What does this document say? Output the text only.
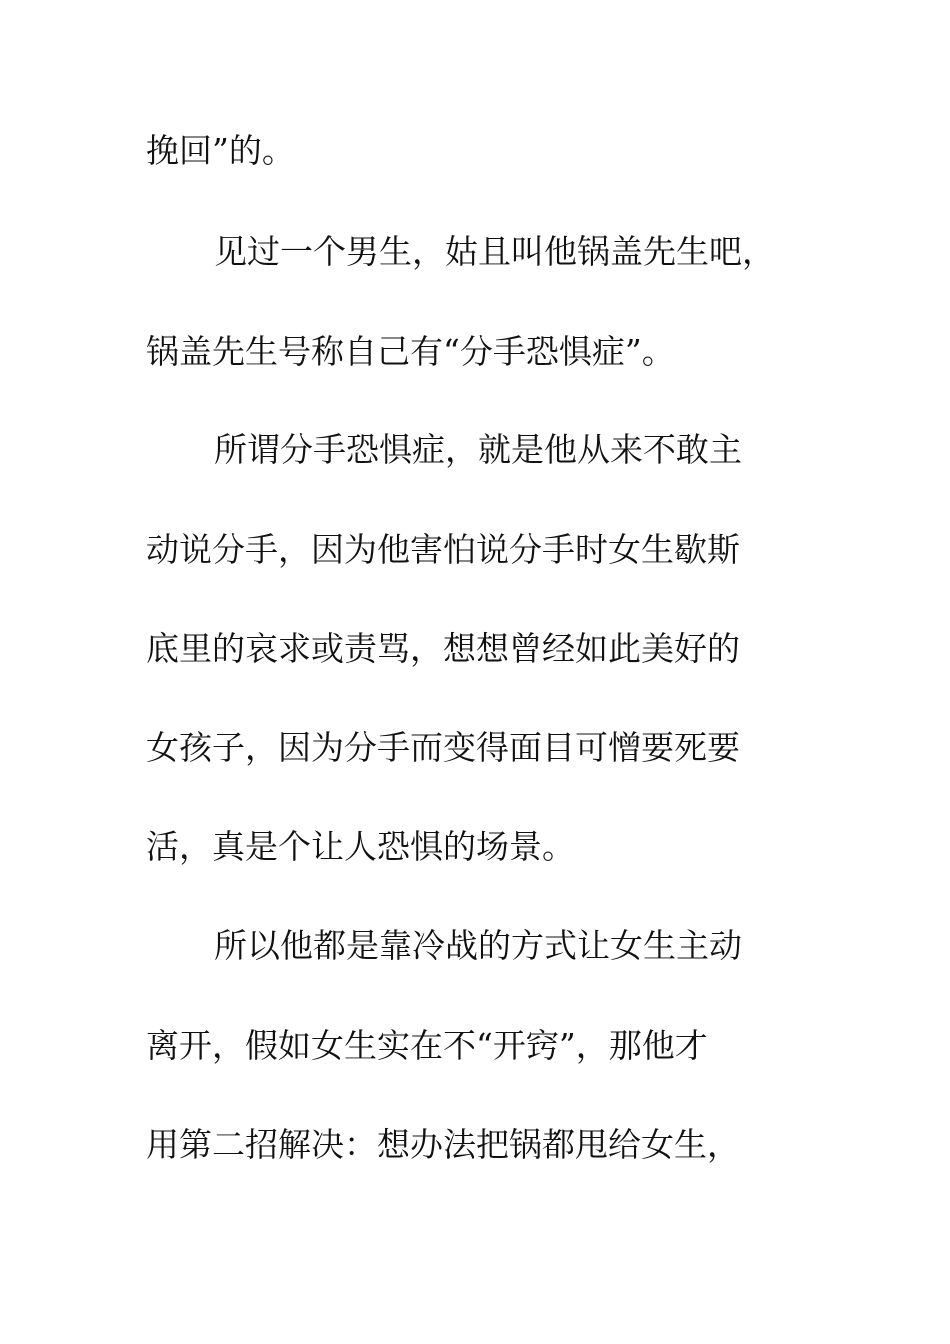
挽回”的。
见过一个男生，姑且叫他锅盖先生吧，
锅盖先生号称自己有“分手恐惧症”。
所谓分手恐惧症，就是他从来不敢主
动说分手，因为他害怕说分手时女生歇斯
底里的哀求或责骂，想想曾经如此美好的
女孩子，因为分手而变得面目可憎要死要
活，真是个让人恐惧的场景。
所以他都是靠冷战的方式让女生主动
离开，假如女生实在不“开窍”，那他才
用第二招解决：想办法把锅都甩给女生，
